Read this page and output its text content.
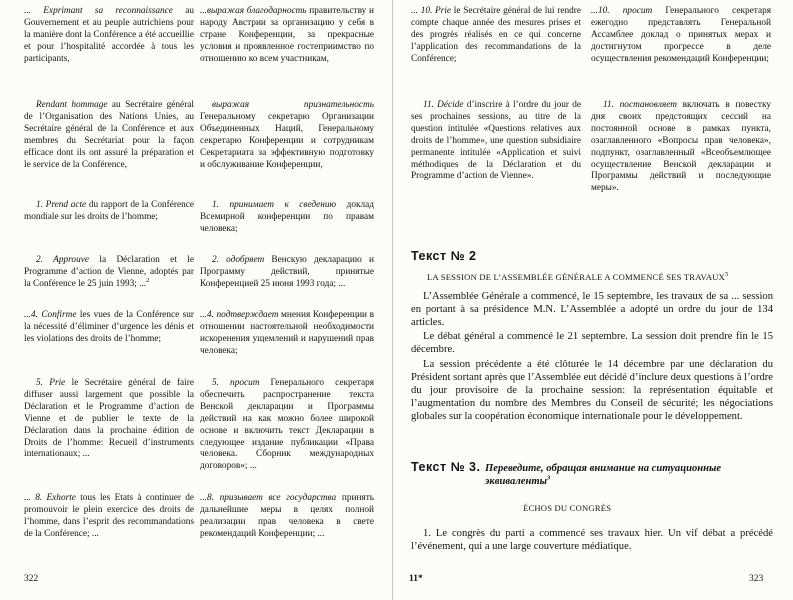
... Exprimant sa reconnaissance au Gouvernement et au peuple autrichiens pour la manière dont la Conférence a été accueillie et pour l’hospitalité accordée à tous les participants,

...выражая благодарность правительству и народу Австрии за организацию у себя в стране Конференции, за прекрасные условия и проявленное гостеприимство по отношению ко всем участникам,

Rendant hommage au Secrétaire général de l’Organisation des Nations Unies, au Secrétaire général de la Conférence et aux membres du Secrétariat pour la façon efficace dont ils ont assuré la préparation et le service de la Conférence,

выражая признательность Генеральному секретарю Организации Объединенных Наций, Генеральному секретарю Конференции и сотрудникам Секретариата за эффективную подготовку и обслуживание Конференции,

1. Prend acte du rapport de la Conférence mondiale sur les droits de l’homme;

1. принимает к сведению доклад Всемирной конференции по правам человека;

2. Approuve la Déclaration et le Programme d’action de Vienne, adoptés par la Conférence le 25 juin 1993; ...$^2$

2. одобряет Венскую декларацию и Программу действий, принятые Конференцией 25 июня 1993 года; ...

...4. Confirme les vues de la Conférence sur la nécessité d’éliminer d’urgence les dénis et les violations des droits de l’homme;

...4. подтверждает мнения Конференции в отношении настоятельной необходимости искоренения ущемлений и нарушений прав человека;

5. Prie le Secrétaire général de faire diffuser aussi largement que possible la Déclaration et le Programme d’action de Vienne et de publier le texte de la Déclaration dans la prochaine édition de Droits de l’homme: Recueil d’instruments internationaux; ...

5. просит Генерального секретаря обеспечить распространение текста Венской декларации и Программы действий на как можно более широкой основе и включить текст Декларации в следующее издание публикации «Права человека. Сборник международных договоров»; ...

... 8. Exhorte tous les Etats à continuer de promouvoir le plein exercice des droits de l’homme, dans l’esprit des recommandations de la Conférence; ...

...8. призывает все государства принять дальнейшие меры в целях полной реализации прав человека в свете рекомендаций Конференции; ...

322

... 10. Prie le Secrétaire général de lui rendre compte chaque année des mesures prises et des progrès réalisés en ce qui concerne l’application des recommandations de la Conférence;

...10. просит Генерального секретаря ежегодно представлять Генеральной Ассамблее доклад о принятых мерах и достигнутом прогрессе в деле осуществления рекомендаций Конференции;

11. Décide d’inscrire à l’ordre du jour de ses prochaines sessions, au titre de la question intitulée «Questions relatives aux droits de l’homme», une question subsidiaire permanente intitulée «Application et suivi méthodiques de la Déclaration et du Programme d’action de Vienne».

11. постановляет включать в повестку дня своих предстоящих сессий на постоянной основе в рамках пункта, озаглавленного «Вопросы прав человека», подпункт, озаглавленный «Всеобъемлющее осуществление Венской декларации и Программы действий и последующие меры».

Текст № 2
LA SESSION DE L’ASSEMBLÉE GÉNÉRALE A COMMENCÉ SES TRAVAUX$^5$

L’Assemblée Générale a commencé, le 15 septembre, les travaux de sa ... session en portant à sa présidence M.N. L’Assemblée a adopté un ordre du jour de 134 articles.

Le débat général a commencé le 21 septembre. La session doit prendre fin le 15 décembre.

La session précédente a été clôturée le 14 décembre par une déclaration du Président sortant après que l’Assemblée eut décidé d’inclure deux questions à l’ordre du jour provisoire de la prochaine session: la représentation équitable et l’augmentation du nombre des Membres du Conseil de sécurité; les négociations globales sur la coopération économique internationale pour le développement.

Текст № 3. Переведите, обращая внимание на ситуационные эквиваленты$^3$
ÉCHOS DU CONGRÈS

1. Le congrès du parti a commencé ses travaux hier. Un vif débat a précédé l’événement, qui a une large couverture médiatique.

11*	323
